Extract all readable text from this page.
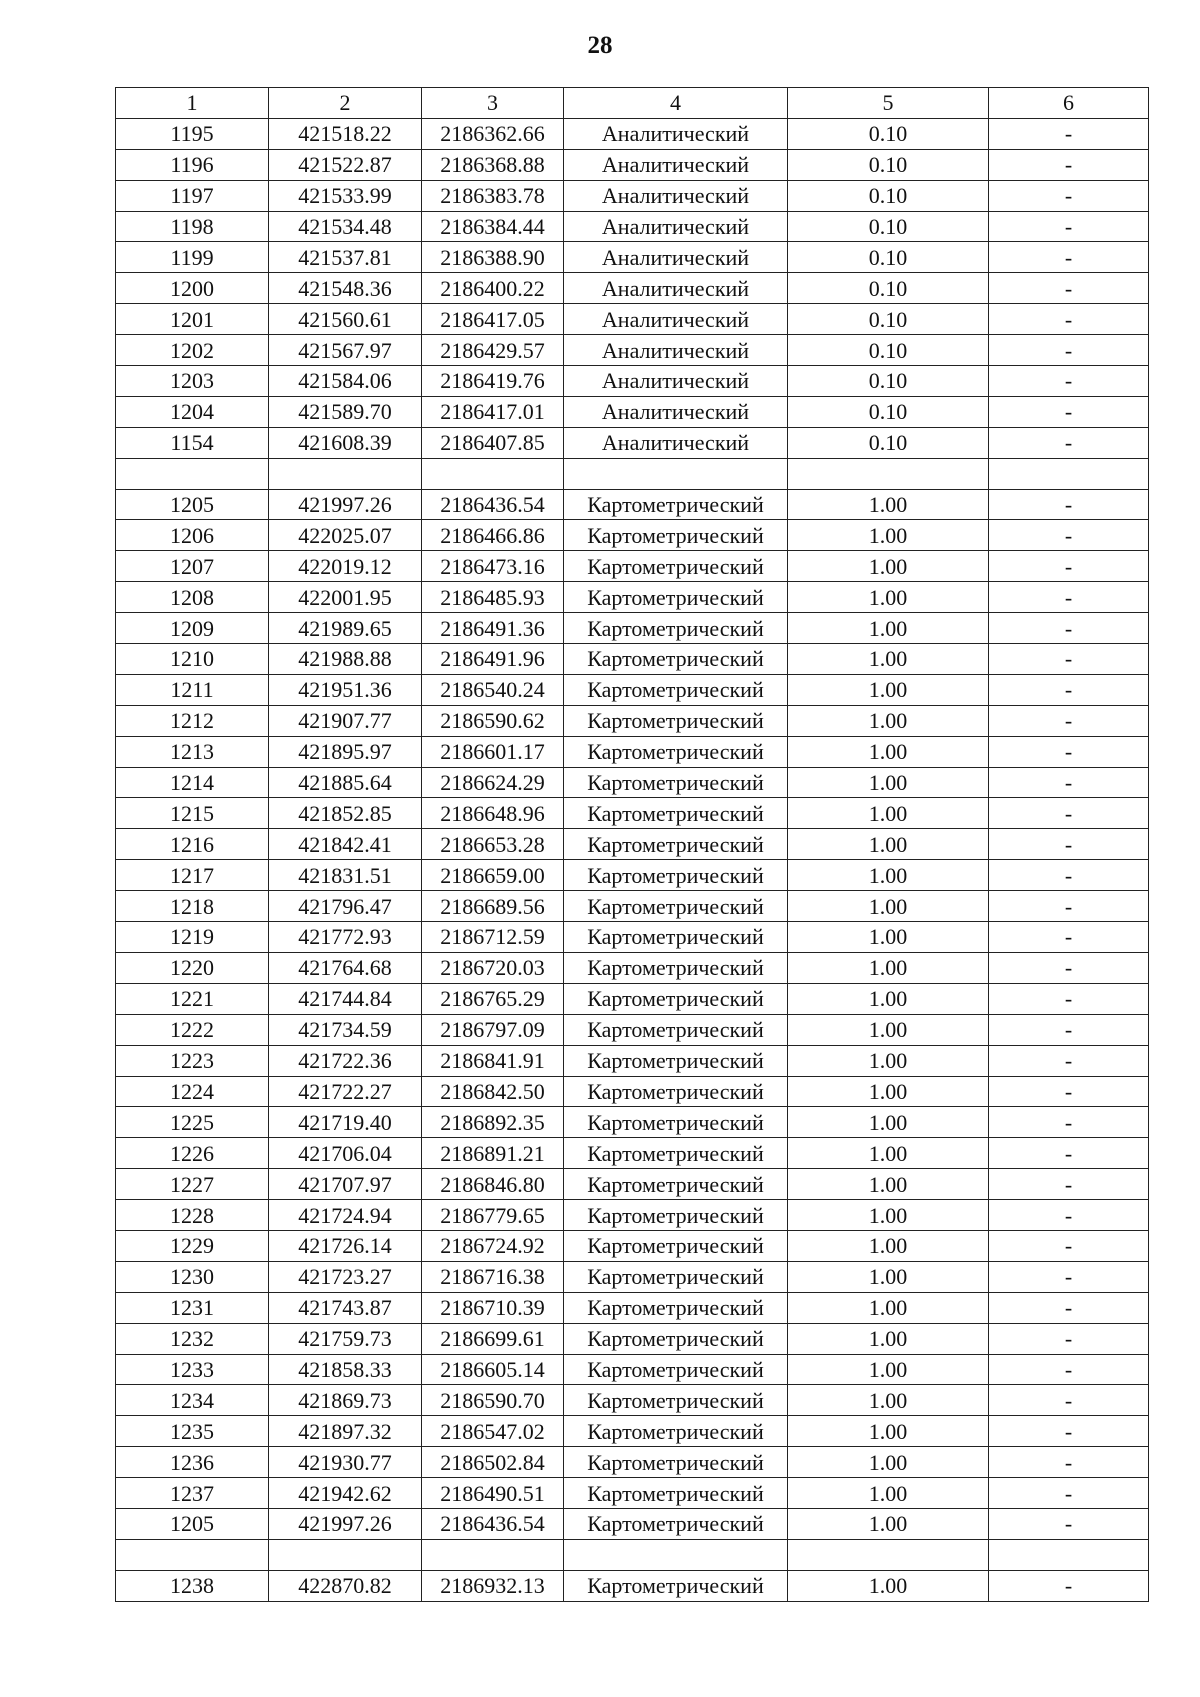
28
1	2	3	4	5	6
1195	421518.22	2186362.66	Аналитический	0.10	-
1196	421522.87	2186368.88	Аналитический	0.10	-
1197	421533.99	2186383.78	Аналитический	0.10	-
1198	421534.48	2186384.44	Аналитический	0.10	-
1199	421537.81	2186388.90	Аналитический	0.10	-
1200	421548.36	2186400.22	Аналитический	0.10	-
1201	421560.61	2186417.05	Аналитический	0.10	-
1202	421567.97	2186429.57	Аналитический	0.10	-
1203	421584.06	2186419.76	Аналитический	0.10	-
1204	421589.70	2186417.01	Аналитический	0.10	-
1154	421608.39	2186407.85	Аналитический	0.10	-

1205	421997.26	2186436.54	Картометрический	1.00	-
1206	422025.07	2186466.86	Картометрический	1.00	-
1207	422019.12	2186473.16	Картометрический	1.00	-
1208	422001.95	2186485.93	Картометрический	1.00	-
1209	421989.65	2186491.36	Картометрический	1.00	-
1210	421988.88	2186491.96	Картометрический	1.00	-
1211	421951.36	2186540.24	Картометрический	1.00	-
1212	421907.77	2186590.62	Картометрический	1.00	-
1213	421895.97	2186601.17	Картометрический	1.00	-
1214	421885.64	2186624.29	Картометрический	1.00	-
1215	421852.85	2186648.96	Картометрический	1.00	-
1216	421842.41	2186653.28	Картометрический	1.00	-
1217	421831.51	2186659.00	Картометрический	1.00	-
1218	421796.47	2186689.56	Картометрический	1.00	-
1219	421772.93	2186712.59	Картометрический	1.00	-
1220	421764.68	2186720.03	Картометрический	1.00	-
1221	421744.84	2186765.29	Картометрический	1.00	-
1222	421734.59	2186797.09	Картометрический	1.00	-
1223	421722.36	2186841.91	Картометрический	1.00	-
1224	421722.27	2186842.50	Картометрический	1.00	-
1225	421719.40	2186892.35	Картометрический	1.00	-
1226	421706.04	2186891.21	Картометрический	1.00	-
1227	421707.97	2186846.80	Картометрический	1.00	-
1228	421724.94	2186779.65	Картометрический	1.00	-
1229	421726.14	2186724.92	Картометрический	1.00	-
1230	421723.27	2186716.38	Картометрический	1.00	-
1231	421743.87	2186710.39	Картометрический	1.00	-
1232	421759.73	2186699.61	Картометрический	1.00	-
1233	421858.33	2186605.14	Картометрический	1.00	-
1234	421869.73	2186590.70	Картометрический	1.00	-
1235	421897.32	2186547.02	Картометрический	1.00	-
1236	421930.77	2186502.84	Картометрический	1.00	-
1237	421942.62	2186490.51	Картометрический	1.00	-
1205	421997.26	2186436.54	Картометрический	1.00	-

1238	422870.82	2186932.13	Картометрический	1.00	-
